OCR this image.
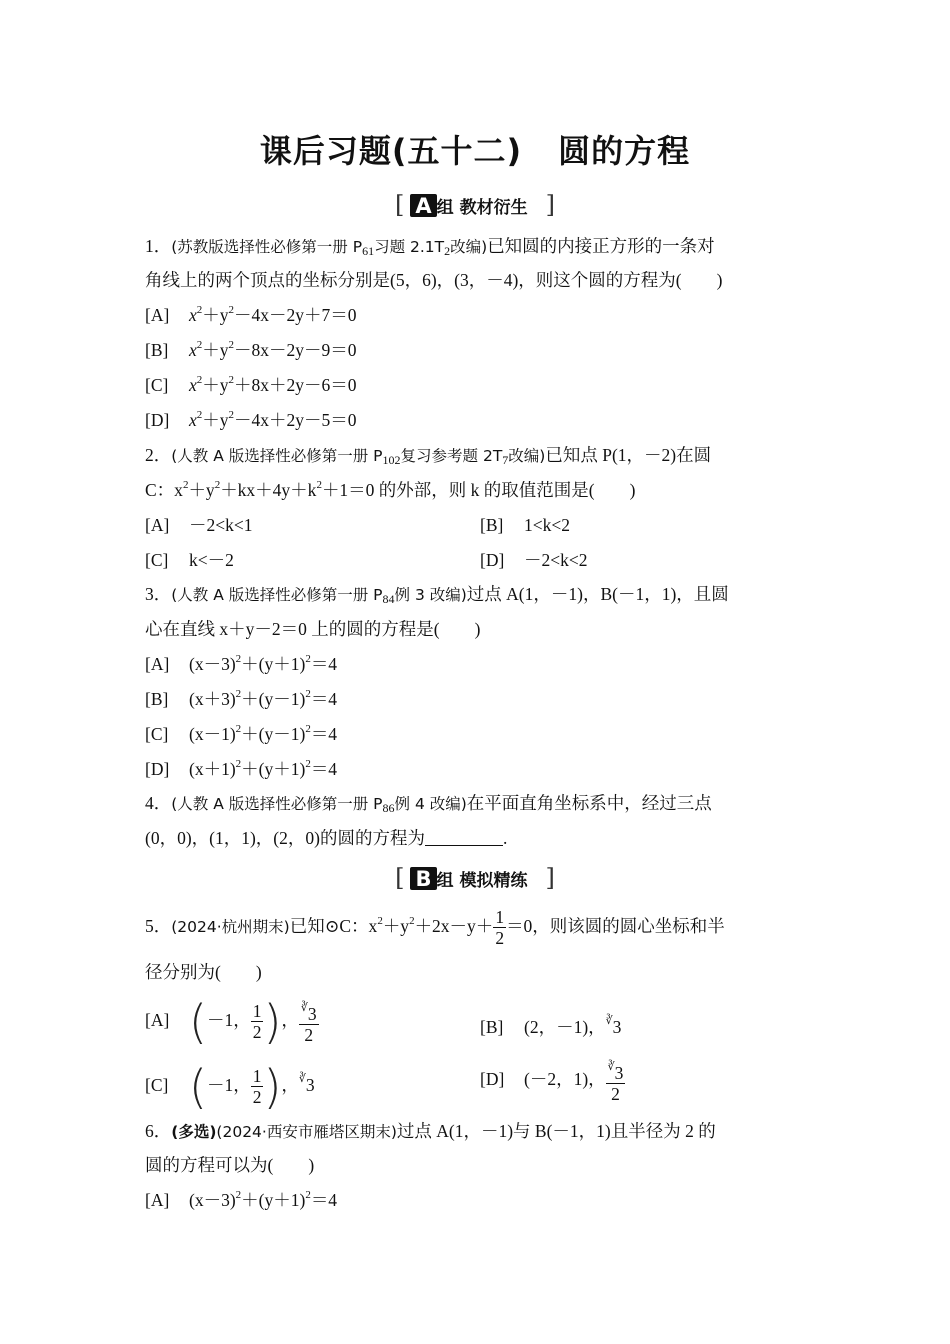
课后习题(五十二) 圆的方程
[ A 组 教材衍生 ]
1．(苏教版选择性必修第一册 P61习题 2.1T2改编)已知圆的内接正方形的一条对
角线上的两个顶点的坐标分别是(5，6)，(3，－4)，则这个圆的方程为(　　)
[A] $x^2+y^2-4x-2y+7=0$
[B] $x^2+y^2-8x-2y-9=0$
[C] $x^2+y^2+8x+2y-6=0$
[D] $x^2+y^2-4x+2y-5=0$
2．(人教 A 版选择性必修第一册 P102复习参考题 2T7改编)已知点 P(1，－2)在圆
C：$x^2+y^2+kx+4y+k^2+1=0$ 的外部，则 k 的取值范围是(　　)
[A] －2<k<1	[B] 1<k<2
[C] k<－2	[D] －2<k<2
3．(人教 A 版选择性必修第一册 P84例 3 改编)过点 A(1，－1)，B(－1，1)，且圆
心在直线 x＋y－2＝0 上的圆的方程是(　　)
[A] $(x-3)^2+(y+1)^2=4$
[B] $(x+3)^2+(y-1)^2=4$
[C] $(x-1)^2+(y-1)^2=4$
[D] $(x+1)^2+(y+1)^2=4$
4．(人教 A 版选择性必修第一册 P86例 4 改编)在平面直角坐标系中，经过三点
(0，0)，(1，1)，(2，0)的圆的方程为	.
[ B 组 模拟精练 ]
5．(2024·杭州期末)已知⊙C：$x^2+y^2+2x-y+ \frac{1}{2} =0$，则该圆的圆心坐标和半
径分别为(　　)
[A] (－1， $\frac{1}{2}$ )， $\frac{^∛3}{2}$	[B] (2，－1)，∛3
[C] (－1， $\frac{1}{2}$ )，∛3	[D] (－2，1)， $\frac{^∛3}{2}$
6．(多选)(2024·西安市雁塔区期末)过点 A(1，－1)与 B(－1，1)且半径为 2 的
圆的方程可以为(　　)
[A] $(x-3)^2+(y+1)^2=4$
